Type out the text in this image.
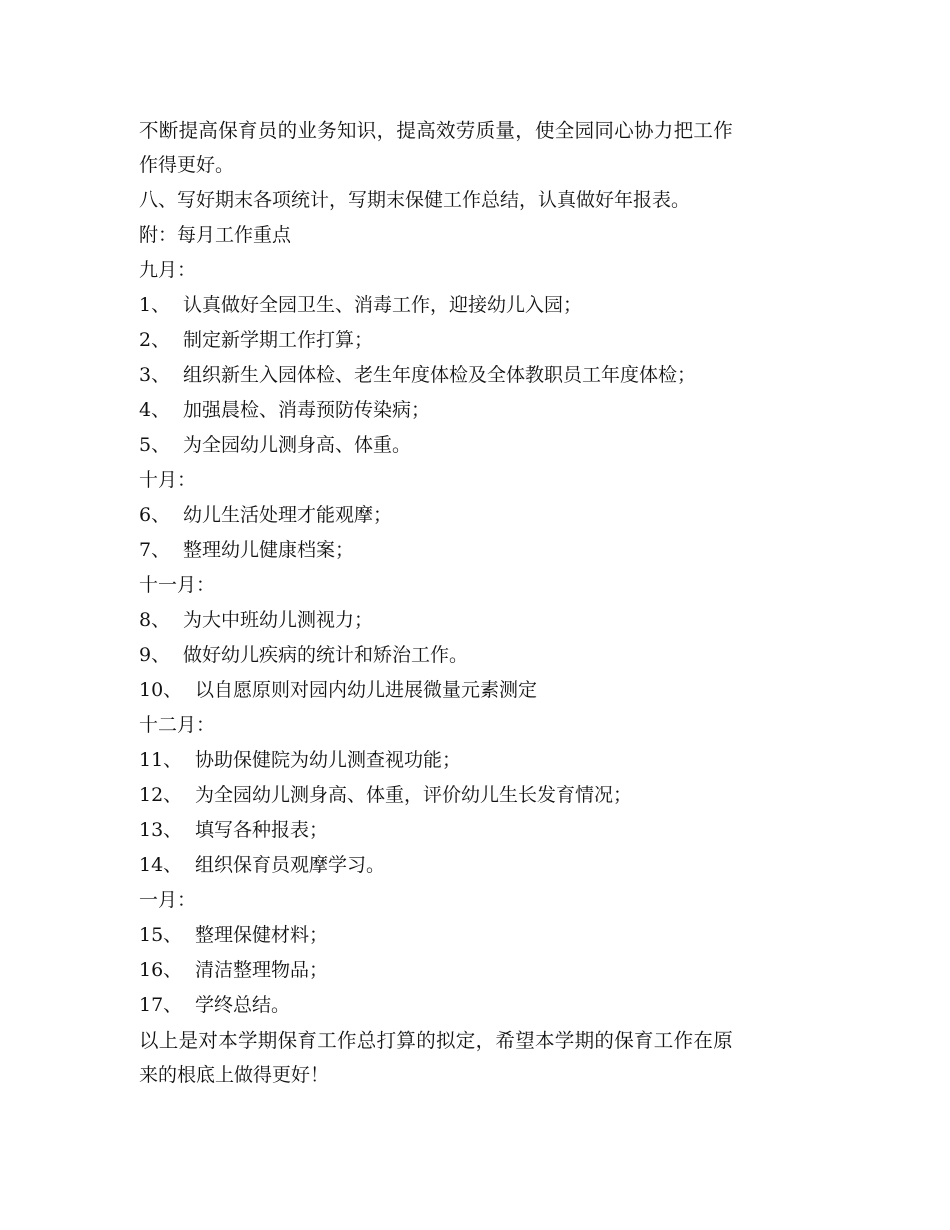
不断提高保育员的业务知识，提高效劳质量，使全园同心协力把工作
作得更好。
八、写好期末各项统计，写期末保健工作总结，认真做好年报表。
附：每月工作重点
九月：
1、 认真做好全园卫生、消毒工作，迎接幼儿入园；
2、 制定新学期工作打算；
3、 组织新生入园体检、老生年度体检及全体教职员工年度体检；
4、 加强晨检、消毒预防传染病；
5、 为全园幼儿测身高、体重。
十月：
6、 幼儿生活处理才能观摩；
7、 整理幼儿健康档案；
十一月：
8、 为大中班幼儿测视力；
9、 做好幼儿疾病的统计和矫治工作。
10、 以自愿原则对园内幼儿进展微量元素测定
十二月：
11、 协助保健院为幼儿测查视功能；
12、 为全园幼儿测身高、体重，评价幼儿生长发育情况；
13、 填写各种报表；
14、 组织保育员观摩学习。
一月：
15、 整理保健材料；
16、 清洁整理物品；
17、 学终总结。
以上是对本学期保育工作总打算的拟定，希望本学期的保育工作在原
来的根底上做得更好！
